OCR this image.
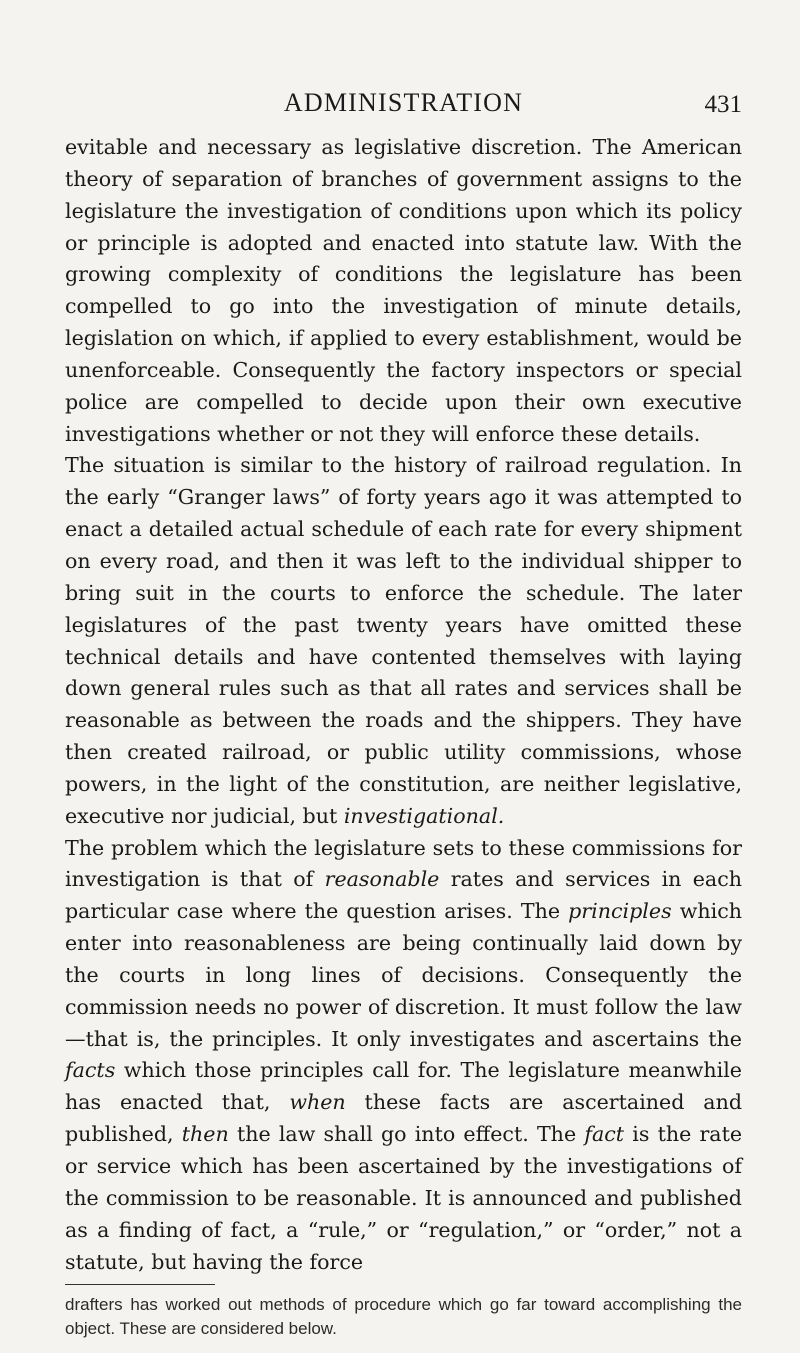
ADMINISTRATION	431

evitable and necessary as legislative discretion. The American theory of separation of branches of government assigns to the legislature the investigation of conditions upon which its policy or principle is adopted and enacted into statute law. With the growing complexity of conditions the legislature has been compelled to go into the investigation of minute details, legislation on which, if applied to every establishment, would be unenforceable. Consequently the factory inspectors or special police are compelled to decide upon their own executive investigations whether or not they will enforce these details.

The situation is similar to the history of railroad regulation. In the early “Granger laws” of forty years ago it was attempted to enact a detailed actual schedule of each rate for every shipment on every road, and then it was left to the individual shipper to bring suit in the courts to enforce the schedule. The later legislatures of the past twenty years have omitted these technical details and have contented themselves with laying down general rules such as that all rates and services shall be reasonable as between the roads and the shippers. They have then created railroad, or public utility commissions, whose powers, in the light of the constitution, are neither legislative, executive nor judicial, but investigational.

The problem which the legislature sets to these commissions for investigation is that of reasonable rates and services in each particular case where the question arises. The principles which enter into reasonableness are being continually laid down by the courts in long lines of decisions. Consequently the commission needs no power of discretion. It must follow the law—that is, the principles. It only investigates and ascertains the facts which those principles call for. The legislature meanwhile has enacted that, when these facts are ascertained and published, then the law shall go into effect. The fact is the rate or service which has been ascertained by the investigations of the commission to be reasonable. It is announced and published as a finding of fact, a “rule,” or “regulation,” or “order,” not a statute, but having the force

drafters has worked out methods of procedure which go far toward accomplishing the object. These are considered below.
